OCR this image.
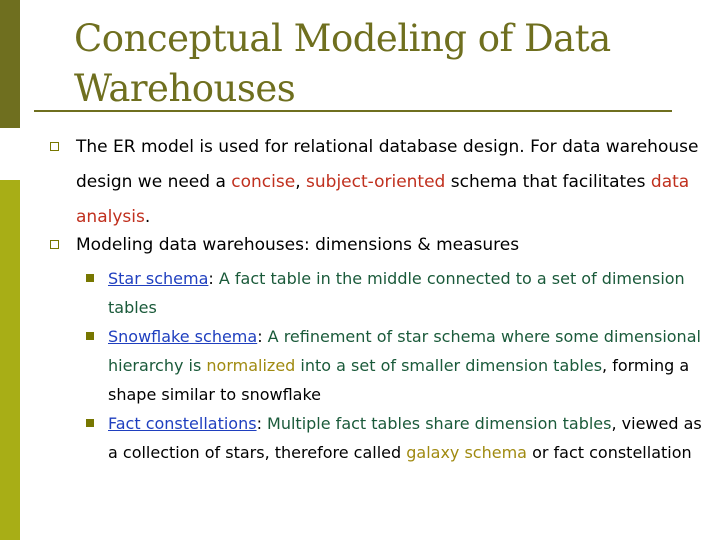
Conceptual Modeling of Data
Warehouses
The ER model is used for relational database design. For data warehouse design we need a concise, subject-oriented schema that facilitates data analysis.
Modeling data warehouses: dimensions & measures
Star schema: A fact table in the middle connected to a set of dimension tables
Snowflake schema: A refinement of star schema where some dimensional hierarchy is normalized into a set of smaller dimension tables, forming a shape similar to snowflake
Fact constellations: Multiple fact tables share dimension tables, viewed as a collection of stars, therefore called galaxy schema or fact constellation
